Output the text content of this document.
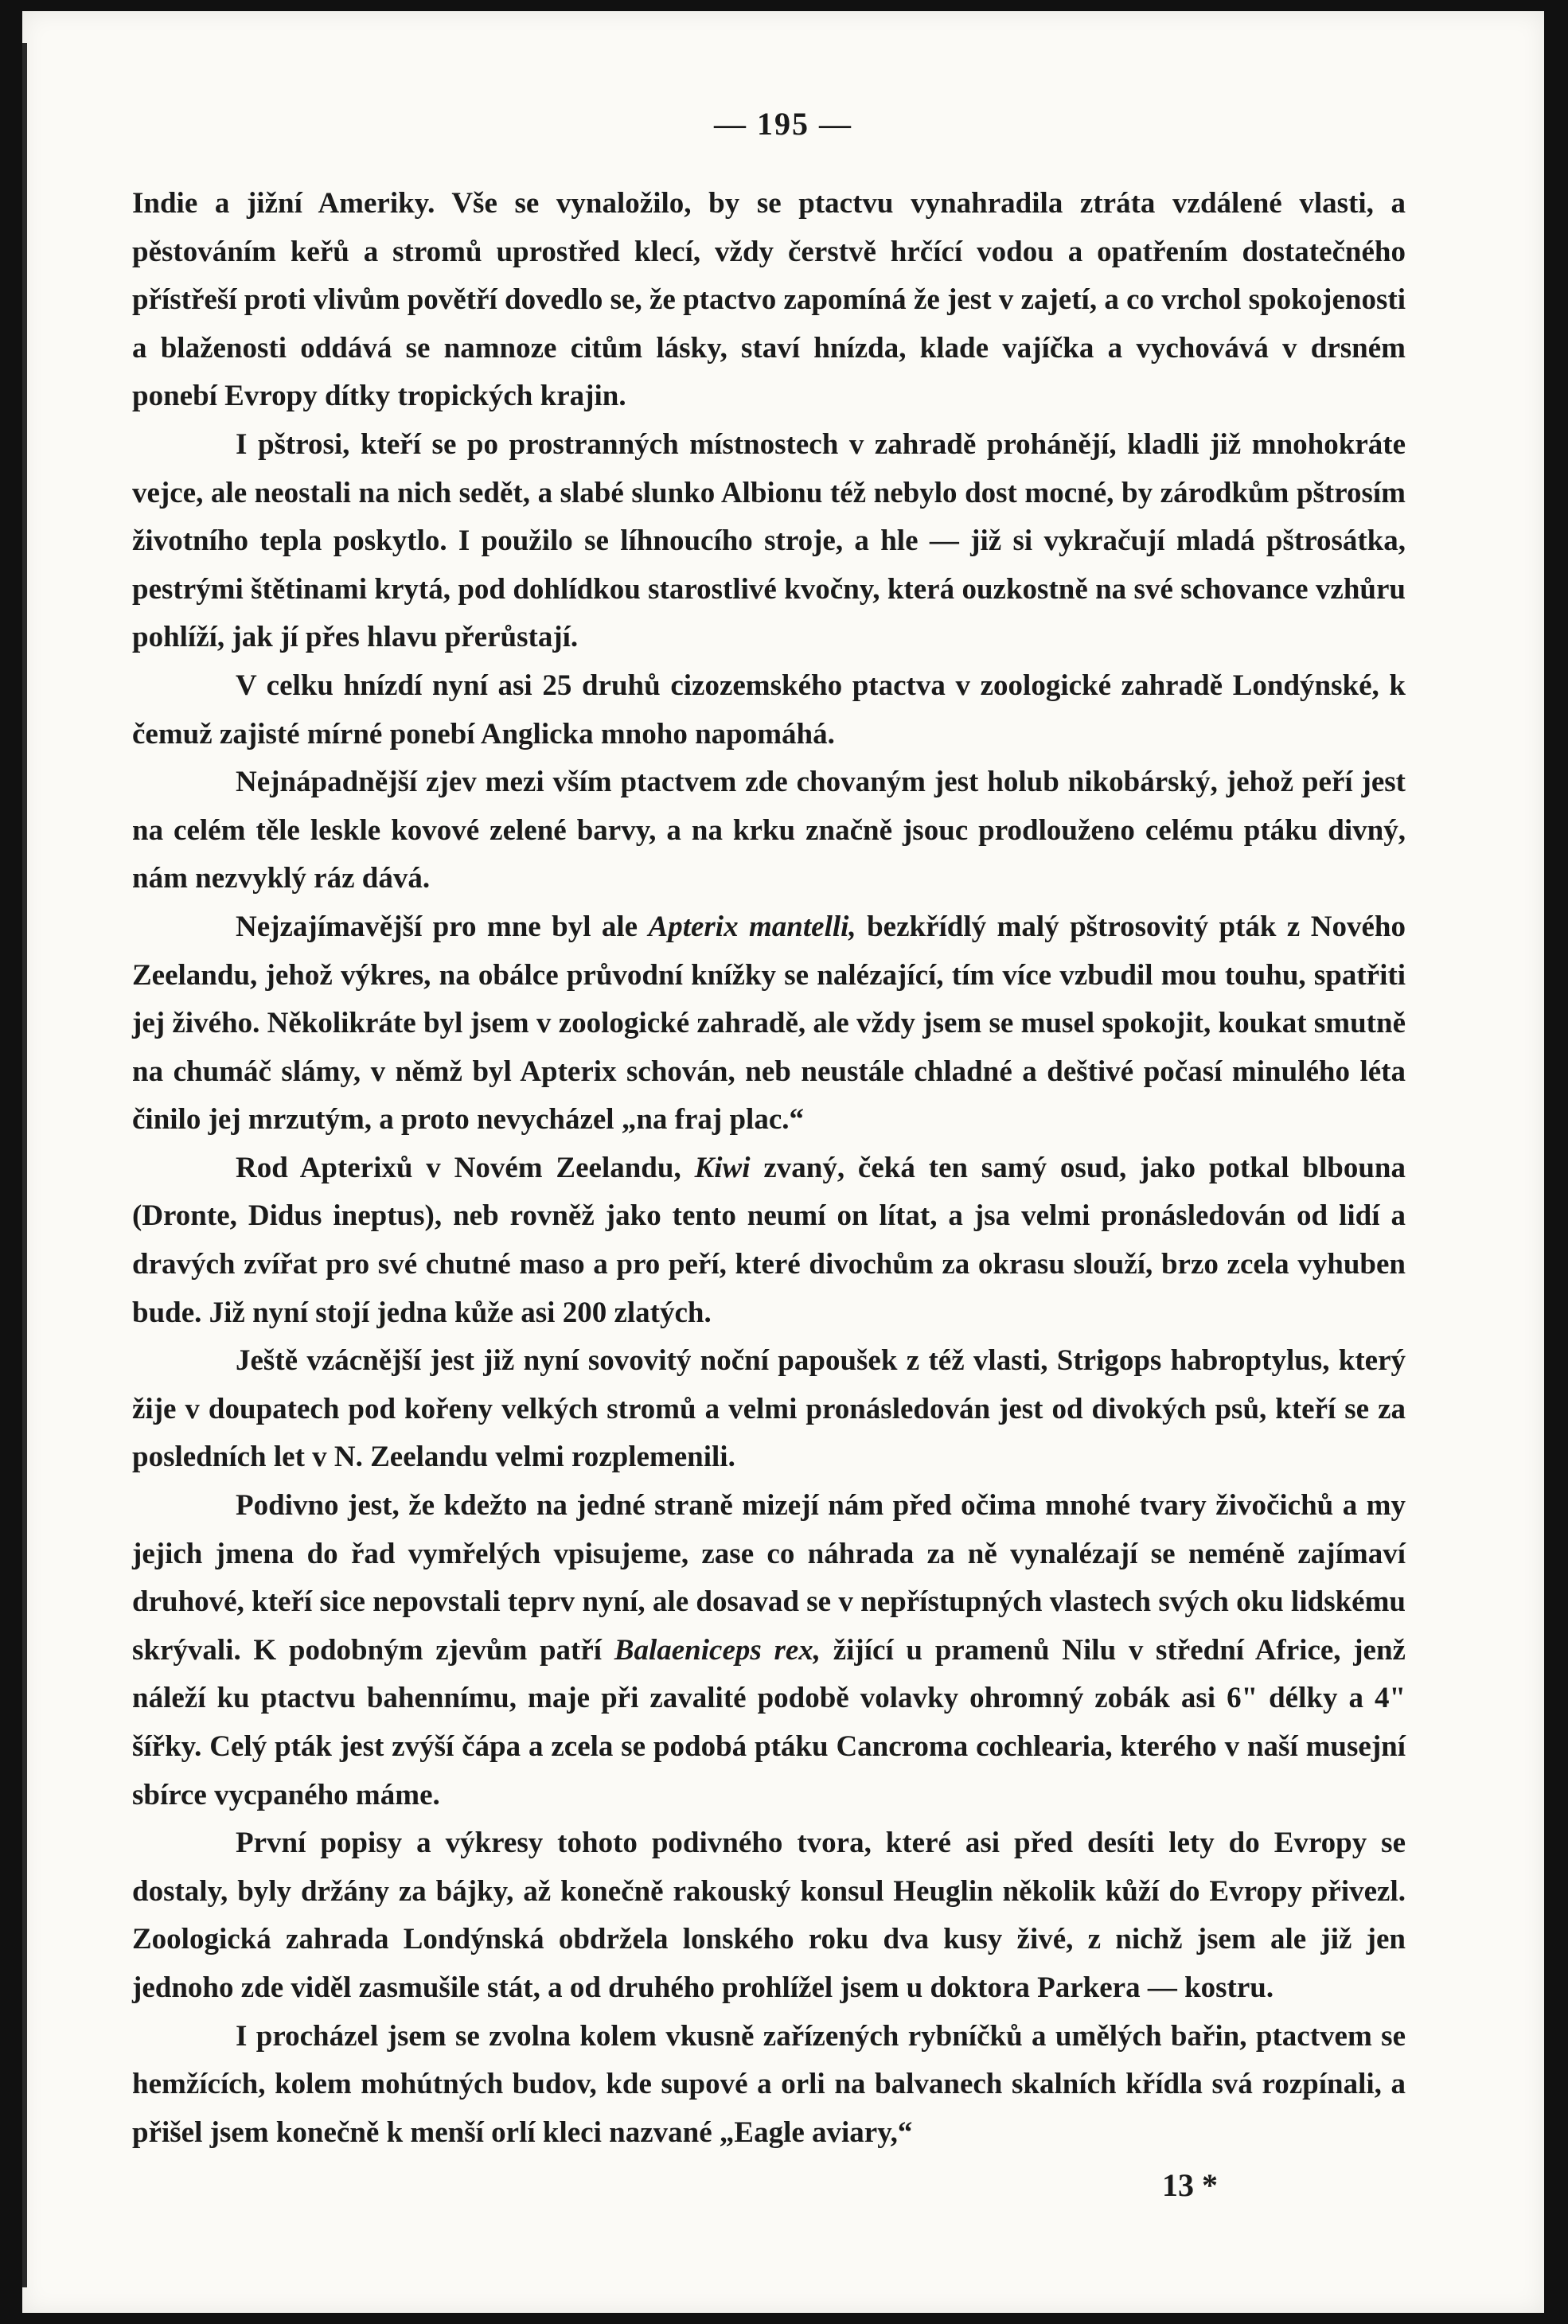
— 195 —

Indie a jižní Ameriky. Vše se vynaložilo, by se ptactvu vynahradila ztráta vzdálené vlasti, a pěstováním keřů a stromů uprostřed klecí, vždy čerstvě hrčící vodou a opatřením dostatečného přístřeší proti vlivům povětří dovedlo se, že ptactvo zapomíná že jest v zajetí, a co vrchol spokojenosti a blaženosti oddává se namnoze citům lásky, staví hnízda, klade vajíčka a vychovává v drsném ponebí Evropy dítky tropických krajin.

I pštrosi, kteří se po prostranných místnostech v zahradě prohánějí, kladli již mnohokráte vejce, ale neostali na nich sedět, a slabé slunko Albionu též nebylo dost mocné, by zárodkům pštrosím životního tepla poskytlo. I použilo se líhnoucího stroje, a hle — již si vykračují mladá pštrosátka, pestrými štětinami krytá, pod dohlídkou starostlivé kvočny, která ouzkostně na své schovance vzhůru pohlíží, jak jí přes hlavu přerůstají.

V celku hnízdí nyní asi 25 druhů cizozemského ptactva v zoologické zahradě Londýnské, k čemuž zajisté mírné ponebí Anglicka mnoho napomáhá.

Nejnápadnější zjev mezi vším ptactvem zde chovaným jest holub nikobárský, jehož peří jest na celém těle leskle kovové zelené barvy, a na krku značně jsouc prodlouženo celému ptáku divný, nám nezvyklý ráz dává.

Nejzajímavější pro mne byl ale Apterix mantelli, bezkřídlý malý pštrosovitý pták z Nového Zeelandu, jehož výkres, na obálce průvodní knížky se nalézající, tím více vzbudil mou touhu, spatřiti jej živého. Několikráte byl jsem v zoologické zahradě, ale vždy jsem se musel spokojit, koukat smutně na chumáč slámy, v němž byl Apterix schován, neb neustále chladné a deštivé počasí minulého léta činilo jej mrzutým, a proto nevycházel „na fraj plac.“

Rod Apterixů v Novém Zeelandu, Kiwi zvaný, čeká ten samý osud, jako potkal blbouna (Dronte, Didus ineptus), neb rovněž jako tento neumí on lítat, a jsa velmi pronásledován od lidí a dravých zvířat pro své chutné maso a pro peří, které divochům za okrasu slouží, brzo zcela vyhuben bude. Již nyní stojí jedna kůže asi 200 zlatých.

Ještě vzácnější jest již nyní sovovitý noční papoušek z též vlasti, Strigops habroptylus, který žije v doupatech pod kořeny velkých stromů a velmi pronásledován jest od divokých psů, kteří se za posledních let v N. Zeelandu velmi rozplemenili.

Podivno jest, že kdežto na jedné straně mizejí nám před očima mnohé tvary živočichů a my jejich jmena do řad vymřelých vpisujeme, zase co náhrada za ně vynalézají se neméně zajímaví druhové, kteří sice nepovstali teprv nyní, ale dosavad se v nepřístupných vlastech svých oku lidskému skrývali. K podobným zjevům patří Balaeniceps rex, žijící u pramenů Nilu v střední Africe, jenž náleží ku ptactvu bahennímu, maje při zavalité podobě volavky ohromný zobák asi 6" délky a 4" šířky. Celý pták jest zvýší čápa a zcela se podobá ptáku Cancroma cochlearia, kterého v naší musejní sbírce vycpaného máme.

První popisy a výkresy tohoto podivného tvora, které asi před desíti lety do Evropy se dostaly, byly držány za bájky, až konečně rakouský konsul Heuglin několik kůží do Evropy přivezl. Zoologická zahrada Londýnská obdržela lonského roku dva kusy živé, z nichž jsem ale již jen jednoho zde viděl zasmušile stát, a od druhého prohlížel jsem u doktora Parkera — kostru.

I procházel jsem se zvolna kolem vkusně zařízených rybníčků a umělých bařin, ptactvem se hemžících, kolem mohútných budov, kde supové a orli na balvanech skalních křídla svá rozpínali, a přišel jsem konečně k menší orlí kleci nazvané „Eagle aviary,“

13 *
